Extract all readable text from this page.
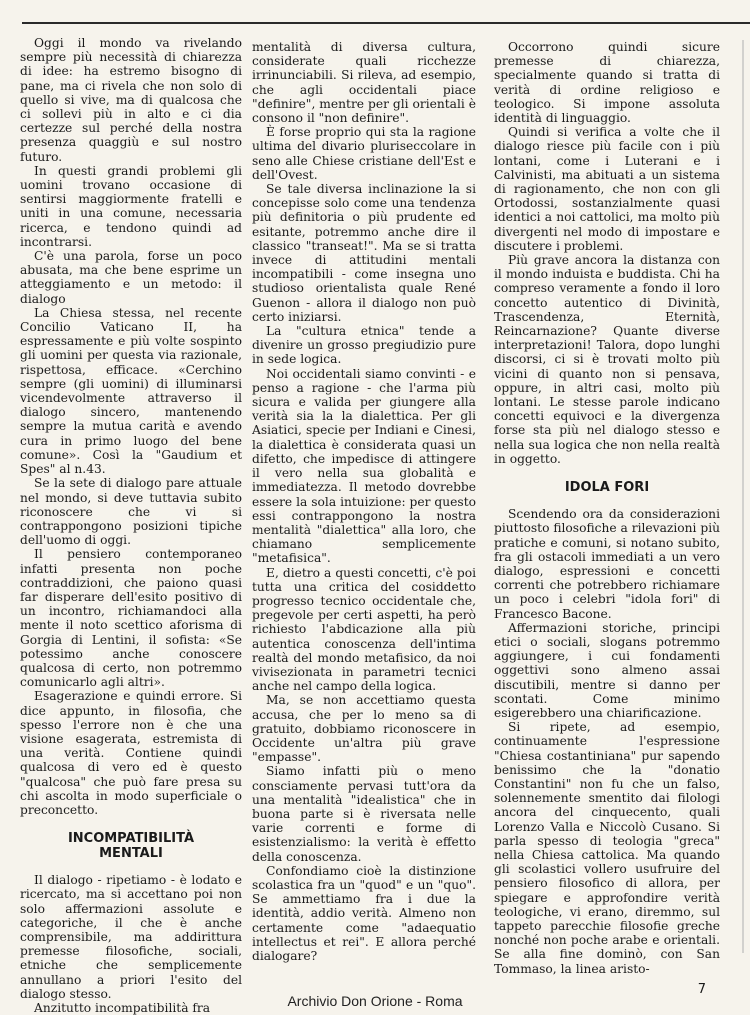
Oggi il mondo va rivelando sempre più necessità di chiarezza di idee: ha estremo bisogno di pane, ma ci rivela che non solo di quello si vive, ma di qualcosa che ci sollevi più in alto e ci dia certezze sul perché della nostra presenza quaggiù e sul nostro futuro.

In questi grandi problemi gli uomini trovano occasione di sentirsi maggiormente fratelli e uniti in una comune, necessaria ricerca, e tendono quindi ad incontrarsi.

C'è una parola, forse un poco abusata, ma che bene esprime un atteggiamento e un metodo: il dialogo

La Chiesa stessa, nel recente Concilio Vaticano II, ha espressamente e più volte sospinto gli uomini per questa via razionale, rispettosa, efficace. «Cerchino sempre (gli uomini) di illuminarsi vicendevolmente attraverso il dialogo sincero, mantenendo sempre la mutua carità e avendo cura in primo luogo del bene comune». Così la "Gaudium et Spes" al n.43.

Se la sete di dialogo pare attuale nel mondo, si deve tuttavia subito riconoscere che vi si contrappongono posizioni tipiche dell'uomo di oggi.

Il pensiero contemporaneo infatti presenta non poche contraddizioni, che paiono quasi far disperare dell'esito positivo di un incontro, richiamandoci alla mente il noto scettico aforisma di Gorgia di Lentini, il sofista: «Se potessimo anche conoscere qualcosa di certo, non potremmo comunicarlo agli altri».

Esagerazione e quindi errore. Si dice appunto, in filosofia, che spesso l'errore non è che una visione esagerata, estremista di una verità. Contiene quindi qualcosa di vero ed è questo "qualcosa" che può fare presa su chi ascolta in modo superficiale o preconcetto.

INCOMPATIBILITÀ
MENTALI

Il dialogo - ripetiamo - è lodato e ricercato, ma si accettano poi non solo affermazioni assolute e categoriche, il che è anche comprensibile, ma addirittura premesse filosofiche, sociali, etniche che semplicemente annullano a priori l'esito del dialogo stesso.

Anzitutto incompatibilità fra

mentalità di diversa cultura, considerate quali ricchezze irrinunciabili. Si rileva, ad esempio, che agli occidentali piace "definire", mentre per gli orientali è consono il "non definire".

È forse proprio qui sta la ragione ultima del divario pluriseccolare in seno alle Chiese cristiane dell'Est e dell'Ovest.

Se tale diversa inclinazione la si concepisse solo come una tendenza più definitoria o più prudente ed esitante, potremmo anche dire il classico "transeat!". Ma se si tratta invece di attitudini mentali incompatibili - come insegna uno studioso orientalista quale René Guenon - allora il dialogo non può certo iniziarsi.

La "cultura etnica" tende a divenire un grosso pregiudizio pure in sede logica.

Noi occidentali siamo convinti - e penso a ragione - che l'arma più sicura e valida per giungere alla verità sia la la dialettica. Per gli Asiatici, specie per Indiani e Cinesi, la dialettica è considerata quasi un difetto, che impedisce di attingere il vero nella sua globalità e immediatezza. Il metodo dovrebbe essere la sola intuizione: per questo essi contrappongono la nostra mentalità "dialettica" alla loro, che chiamano semplicemente "metafisica".

E, dietro a questi concetti, c'è poi tutta una critica del cosiddetto progresso tecnico occidentale che, pregevole per certi aspetti, ha però richiesto l'abdicazione alla più autentica conoscenza dell'intima realtà del mondo metafisico, da noi vivisezionata in parametri tecnici anche nel campo della logica.

Ma, se non accettiamo questa accusa, che per lo meno sa di gratuito, dobbiamo riconoscere in Occidente un'altra più grave "empasse".

Siamo infatti più o meno consciamente pervasi tutt'ora da una mentalità "idealistica" che in buona parte si è riversata nelle varie correnti e forme di esistenzialismo: la verità è effetto della conoscenza.

Confondiamo cioè la distinzione scolastica fra un "quod" e un "quo". Se ammettiamo fra i due la identità, addio verità. Almeno non certamente come "adaequatio intellectus et rei". E allora perché dialogare?

Occorrono quindi sicure premesse di chiarezza, specialmente quando si tratta di verità di ordine religioso e teologico. Si impone assoluta identità di linguaggio.

Quindi si verifica a volte che il dialogo riesce più facile con i più lontani, come i Luterani e i Calvinisti, ma abituati a un sistema di ragionamento, che non con gli Ortodossi, sostanzialmente quasi identici a noi cattolici, ma molto più divergenti nel modo di impostare e discutere i problemi.

Più grave ancora la distanza con il mondo induista e buddista. Chi ha compreso veramente a fondo il loro concetto autentico di Divinità, Trascendenza, Eternità, Reincarnazione? Quante diverse interpretazioni! Talora, dopo lunghi discorsi, ci si è trovati molto più vicini di quanto non si pensava, oppure, in altri casi, molto più lontani. Le stesse parole indicano concetti equivoci e la divergenza forse sta più nel dialogo stesso e nella sua logica che non nella realtà in oggetto.

IDOLA FORI

Scendendo ora da considerazioni piuttosto filosofiche a rilevazioni più pratiche e comuni, si notano subito, fra gli ostacoli immediati a un vero dialogo, espressioni e concetti correnti che potrebbero richiamare un poco i celebri "idola fori" di Francesco Bacone.

Affermazioni storiche, principi etici o sociali, slogans potremmo aggiungere, i cui fondamenti oggettivi sono almeno assai discutibili, mentre si danno per scontati. Come minimo esigerebbero una chiarificazione.

Si ripete, ad esempio, continuamente l'espressione "Chiesa costantiniana" pur sapendo benissimo che la "donatio Constantini" non fu che un falso, solennemente smentito dai filologi ancora del cinquecento, quali Lorenzo Valla e Niccolò Cusano. Si parla spesso di teologia "greca" nella Chiesa cattolica. Ma quando gli scolastici vollero usufruire del pensiero filosofico di allora, per spiegare e approfondire verità teologiche, vi erano, diremmo, sul tappeto parecchie filosofie greche nonché non poche arabe e orientali. Se alla fine dominò, con San Tommaso, la linea aristo-

7
Archivio Don Orione - Roma
